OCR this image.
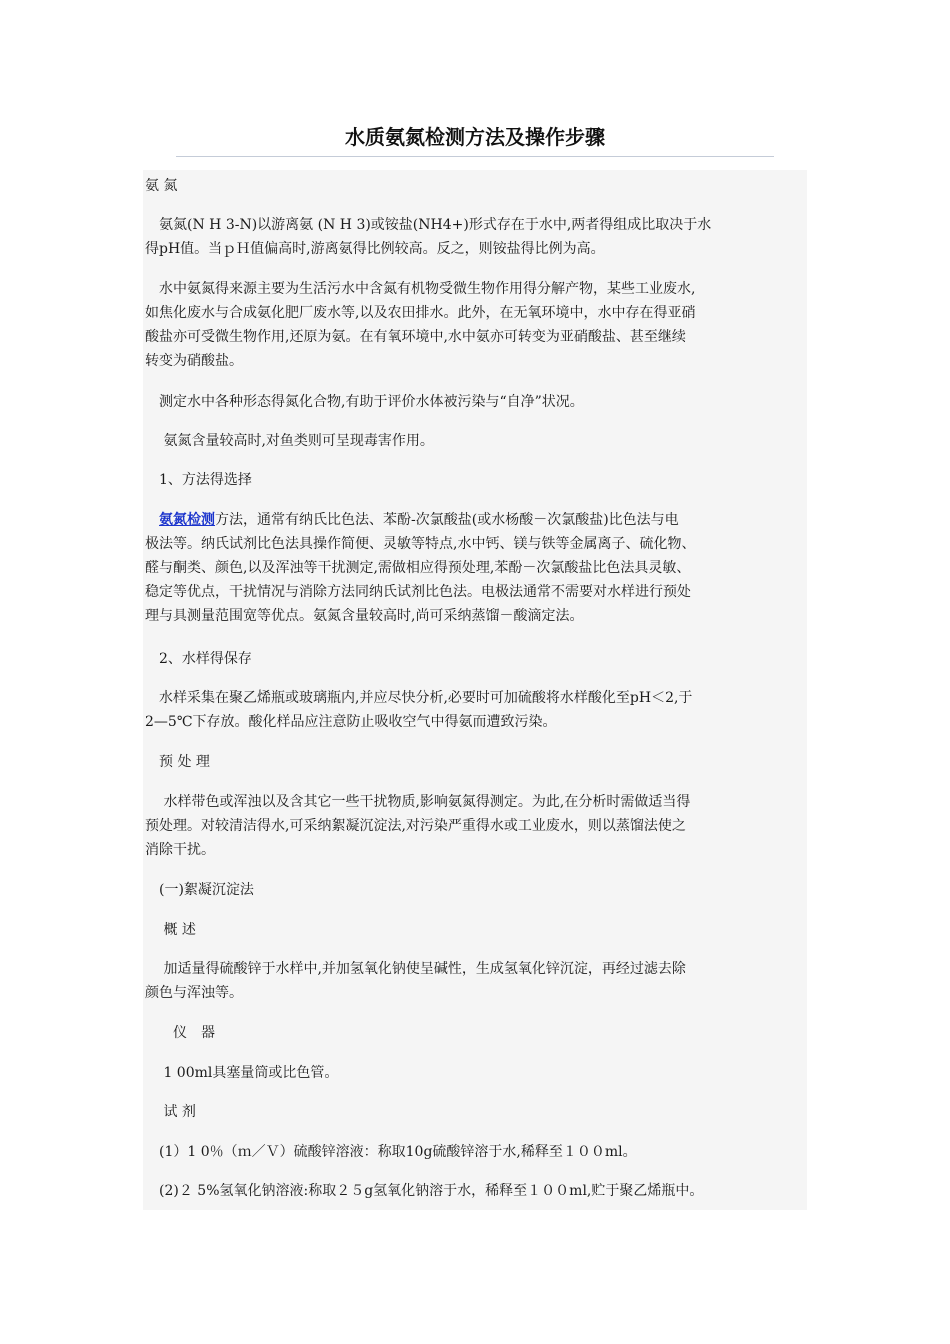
水质氨氮检测方法及操作步骤
氨 氮
　氨氮(N H 3-N)以游离氨 (N H 3)或铵盐(NH4+)形式存在于水中,两者得组成比取决于水
得pH值。当ｐＨ值偏高时,游离氨得比例较高。反之，则铵盐得比例为高。
　水中氨氮得来源主要为生活污水中含氮有机物受微生物作用得分解产物，某些工业废水,
如焦化废水与合成氨化肥厂废水等,以及农田排水。此外，在无氧环境中，水中存在得亚硝
酸盐亦可受微生物作用,还原为氨。在有氧环境中,水中氨亦可转变为亚硝酸盐、甚至继续
转变为硝酸盐。
　测定水中各种形态得氮化合物,有助于评价水体被污染与“自净”状况。
　 氨氮含量较高时,对鱼类则可呈现毒害作用。
　1、方法得选择
　氨氮检测方法，通常有纳氏比色法、苯酚-次氯酸盐(或水杨酸－次氯酸盐)比色法与电
极法等。纳氏试剂比色法具操作简便、灵敏等特点,水中钙、镁与铁等金属离子、硫化物、
醛与酮类、颜色,以及浑浊等干扰测定,需做相应得预处理,苯酚－次氯酸盐比色法具灵敏、
稳定等优点，干扰情况与消除方法同纳氏试剂比色法。电极法通常不需要对水样进行预处
理与具测量范围宽等优点。氨氮含量较高时,尚可采纳蒸馏－酸滴定法。
　2、水样得保存
　水样采集在聚乙烯瓶或玻璃瓶内,并应尽快分析,必要时可加硫酸将水样酸化至pH＜2,于
2—5℃下存放。酸化样品应注意防止吸收空气中得氨而遭致污染。
　预 处 理
　 水样带色或浑浊以及含其它一些干扰物质,影响氨氮得测定。为此,在分析时需做适当得
预处理。对较清洁得水,可采纳絮凝沉淀法,对污染严重得水或工业废水，则以蒸馏法使之
消除干扰。
　(一)絮凝沉淀法
　 概 述
　 加适量得硫酸锌于水样中,并加氢氧化钠使呈碱性，生成氢氧化锌沉淀，再经过滤去除
颜色与浑浊等。
　　仪　器
　 1 00ml具塞量筒或比色管。
　 试 剂
　(1）1 0％（ｍ／Ｖ）硫酸锌溶液：称取10g硫酸锌溶于水,稀释至１００ml。
　(2)２ 5%氢氧化钠溶液:称取２５g氢氧化钠溶于水，稀释至１００ml,贮于聚乙烯瓶中。
